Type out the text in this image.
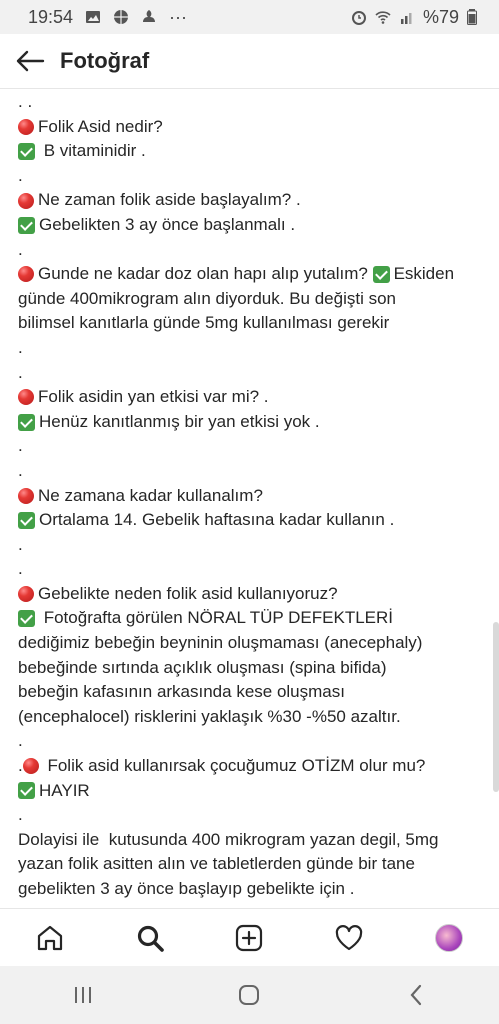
19:54	···	%79
Fotoğraf
. .
Folik Asid nedir?
B vitaminidir .
.
Ne zaman folik aside başlayalım? .
Gebelikten 3 ay önce başlanmalı .
.
Gunde ne kadar doz olan hapı alıp yutalım? Eskiden
günde 400mikrogram alın diyorduk. Bu değişti son
bilimsel kanıtlarla günde 5mg kullanılması gerekir
.
.
Folik asidin yan etkisi var mi? .
Henüz kanıtlanmış bir yan etkisi yok .
.
.
Ne zamana kadar kullanalım?
Ortalama 14. Gebelik haftasına kadar kullanın .
.
.
Gebelikte neden folik asid kullanıyoruz?
Fotoğrafta görülen NÖRAL TÜP DEFEKTLERİ
dediğimiz bebeğin beyninin oluşmaması (anecephaly)
bebeğinde sırtında açıklık oluşması (spina bifida)
bebeğin kafasının arkasında kese oluşması
(encephalocel) risklerini yaklaşık %30 -%50 azaltır.
.
. Folik asid kullanırsak çocuğumuz OTİZM olur mu?
HAYIR
.
Dolayisi ile  kutusunda 400 mikrogram yazan degil, 5mg
yazan folik asitten alın ve tabletlerden günde bir tane
gebelikten 3 ay önce başlayıp gebelikte için .
